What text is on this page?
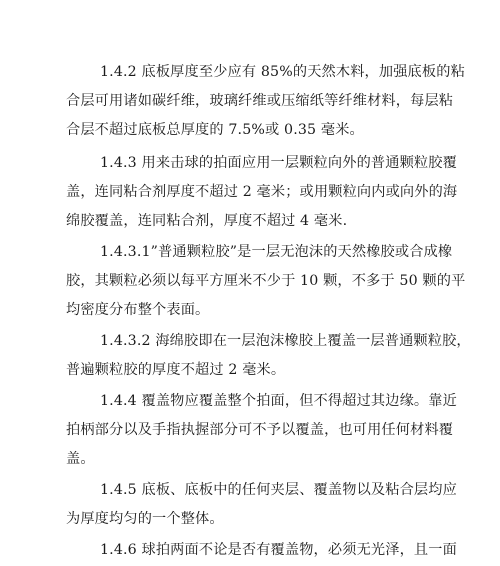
1.4.2 底板厚度至少应有 85%的天然木料，加强底板的粘
合层可用诸如碳纤维，玻璃纤维或压缩纸等纤维材料，每层粘
合层不超过底板总厚度的 7.5%或 0.35 毫米。
1.4.3 用来击球的拍面应用一层颗粒向外的普通颗粒胶覆
盖，连同粘合剂厚度不超过 2 毫米；或用颗粒向内或向外的海
绵胶覆盖，连同粘合剂，厚度不超过 4 毫米.
1.4.3.1”普通颗粒胶”是一层无泡沫的天然橡胶或合成橡
胶，其颗粒必须以每平方厘米不少于 10 颗，不多于 50 颗的平
均密度分布整个表面。
1.4.3.2 海绵胶即在一层泡沫橡胶上覆盖一层普通颗粒胶，
普遍颗粒胶的厚度不超过 2 毫米。
1.4.4 覆盖物应覆盖整个拍面，但不得超过其边缘。靠近
拍柄部分以及手指执握部分可不予以覆盖，也可用任何材料覆
盖。
1.4.5 底板、底板中的任何夹层、覆盖物以及粘合层均应
为厚度均匀的一个整体。
1.4.6 球拍两面不论是否有覆盖物，必须无光泽，且一面
